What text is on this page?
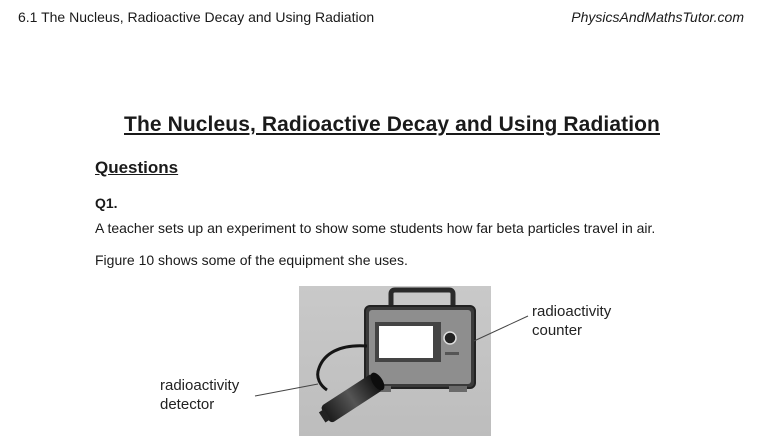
6.1 The Nucleus, Radioactive Decay and Using Radiation	PhysicsAndMathsTutor.com
The Nucleus, Radioactive Decay and Using Radiation
Questions
Q1.
A teacher sets up an experiment to show some students how far beta particles travel in air.
Figure 10 shows some of the equipment she uses.
radioactivity
counter
radioactivity
detector
